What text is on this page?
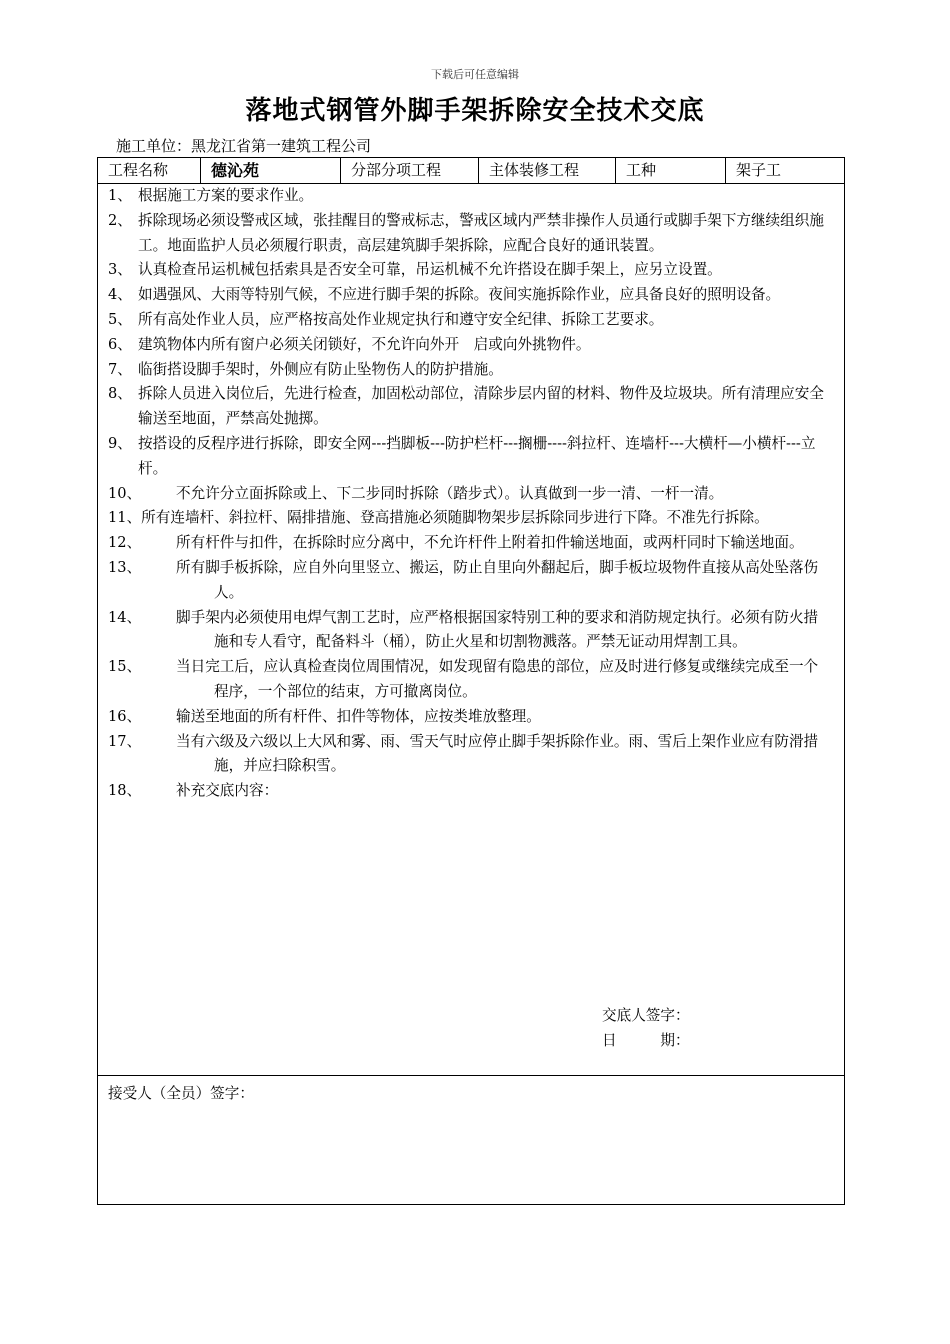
下载后可任意编辑
落地式钢管外脚手架拆除安全技术交底
施工单位：黑龙江省第一建筑工程公司
工程名称	德沁苑	分部分项工程	主体装修工程	工种	架子工
1、 根据施工方案的要求作业。
2、 拆除现场必须设警戒区域，张挂醒目的警戒标志，警戒区域内严禁非操作人员通行或脚手架下方继续组织施工。地面监护人员必须履行职责，高层建筑脚手架拆除，应配合良好的通讯装置。
3、 认真检查吊运机械包括索具是否安全可靠，吊运机械不允许搭设在脚手架上，应另立设置。
4、 如遇强风、大雨等特别气候，不应进行脚手架的拆除。夜间实施拆除作业，应具备良好的照明设备。
5、 所有高处作业人员，应严格按高处作业规定执行和遵守安全纪律、拆除工艺要求。
6、 建筑物体内所有窗户必须关闭锁好，不允许向外开　启或向外挑物件。
7、 临街搭设脚手架时，外侧应有防止坠物伤人的防护措施。
8、 拆除人员进入岗位后，先进行检查，加固松动部位，清除步层内留的材料、物件及垃圾块。所有清理应安全输送至地面，严禁高处抛掷。
9、 按搭设的反程序进行拆除，即安全网---挡脚板---防护栏杆---搁栅----斜拉杆、连墙杆---大横杆—小横杆---立杆。
10、	不允许分立面拆除或上、下二步同时拆除（踏步式）。认真做到一步一清、一杆一清。
11、 所有连墙杆、斜拉杆、隔排措施、登高措施必须随脚物架步层拆除同步进行下降。不准先行拆除。
12、	所有杆件与扣件，在拆除时应分离中，不允许杆件上附着扣件输送地面，或两杆同时下输送地面。
13、	所有脚手板拆除，应自外向里竖立、搬运，防止自里向外翻起后，脚手板垃圾物件直接从高处坠落伤人。
14、	脚手架内必须使用电焊气割工艺时，应严格根据国家特别工种的要求和消防规定执行。必须有防火措施和专人看守，配备料斗（桶），防止火星和切割物溅落。严禁无证动用焊割工具。
15、	当日完工后，应认真检查岗位周围情况，如发现留有隐患的部位，应及时进行修复或继续完成至一个程序，一个部位的结束，方可撤离岗位。
16、	输送至地面的所有杆件、扣件等物体，应按类堆放整理。
17、	当有六级及六级以上大风和雾、雨、雪天气时应停止脚手架拆除作业。雨、雪后上架作业应有防滑措施，并应扫除积雪。
18、	补充交底内容：
交底人签字：
日　　　期：
接受人（全员）签字：
